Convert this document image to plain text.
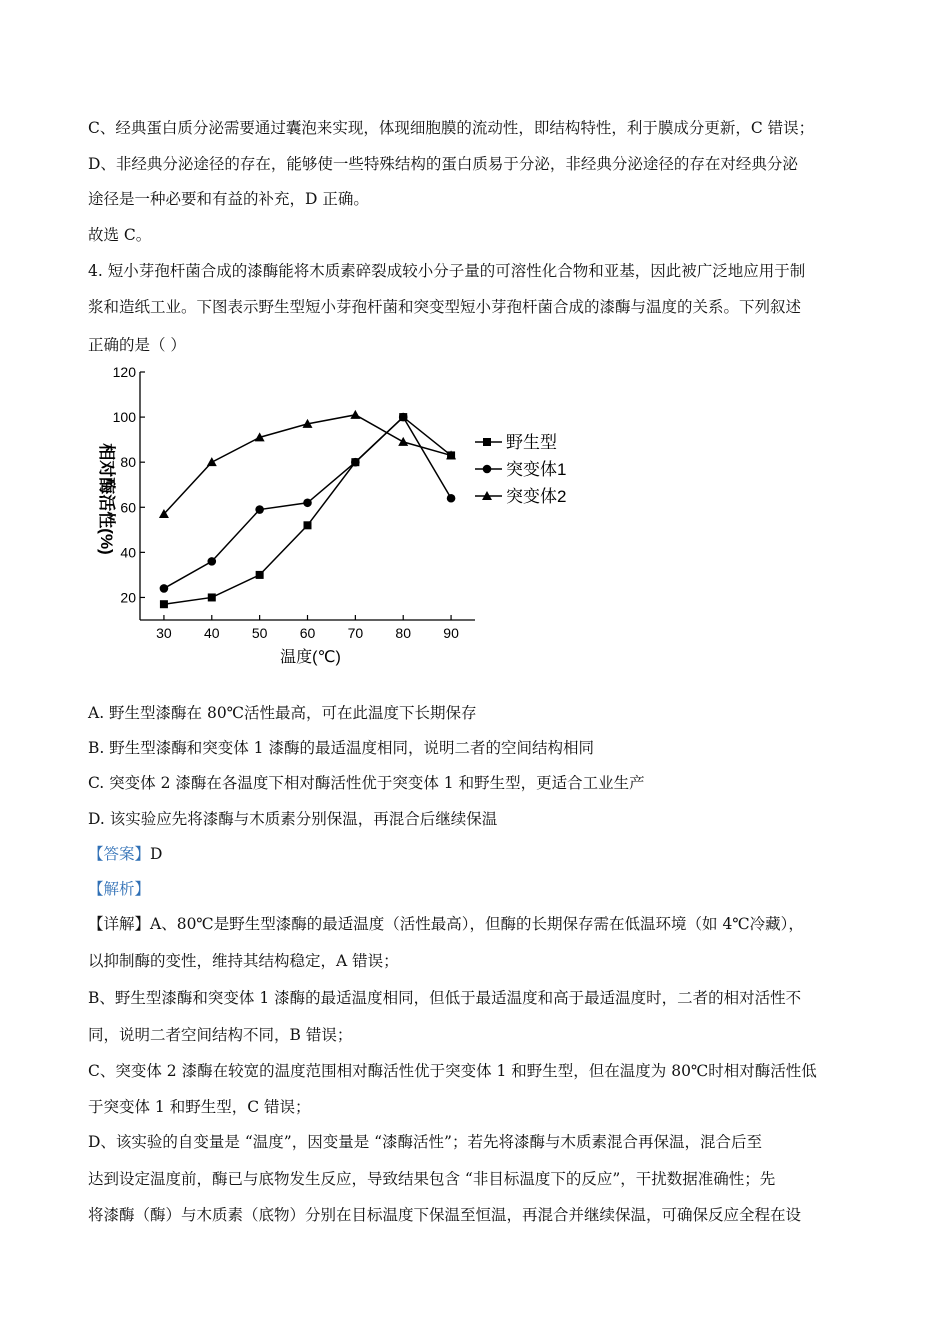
C、经典蛋白质分泌需要通过囊泡来实现，体现细胞膜的流动性，即结构特性，利于膜成分更新，C 错误；
D、非经典分泌途径的存在，能够使一些特殊结构的蛋白质易于分泌，非经典分泌途径的存在对经典分泌
途径是一种必要和有益的补充，D 正确。
故选 C。
4. 短小芽孢杆菌合成的漆酶能将木质素碎裂成较小分子量的可溶性化合物和亚基，因此被广泛地应用于制
浆和造纸工业。下图表示野生型短小芽孢杆菌和突变型短小芽孢杆菌合成的漆酶与温度的关系。下列叙述
正确的是（ ）
20
40
60
80
100
120
30 40 50 60 70 80 90
温度(℃)
相对酶活性(%)
野生型
突变体1
突变体2
A. 野生型漆酶在 80℃活性最高，可在此温度下长期保存
B. 野生型漆酶和突变体 1 漆酶的最适温度相同，说明二者的空间结构相同
C. 突变体 2 漆酶在各温度下相对酶活性优于突变体 1 和野生型，更适合工业生产
D. 该实验应先将漆酶与木质素分别保温，再混合后继续保温
【答案】D
【解析】
【详解】A、80℃是野生型漆酶的最适温度（活性最高），但酶的长期保存需在低温环境（如 4℃冷藏），
以抑制酶的变性，维持其结构稳定，A 错误；
B、野生型漆酶和突变体 1 漆酶的最适温度相同，但低于最适温度和高于最适温度时，二者的相对活性不
同，说明二者空间结构不同，B 错误；
C、突变体 2 漆酶在较宽的温度范围相对酶活性优于突变体 1 和野生型，但在温度为 80℃时相对酶活性低
于突变体 1 和野生型，C 错误；
D、该实验的自变量是 “温度”，因变量是 “漆酶活性”；若先将漆酶与木质素混合再保温，混合后至
达到设定温度前，酶已与底物发生反应，导致结果包含 “非目标温度下的反应”，干扰数据准确性；先
将漆酶（酶）与木质素（底物）分别在目标温度下保温至恒温，再混合并继续保温，可确保反应全程在设
